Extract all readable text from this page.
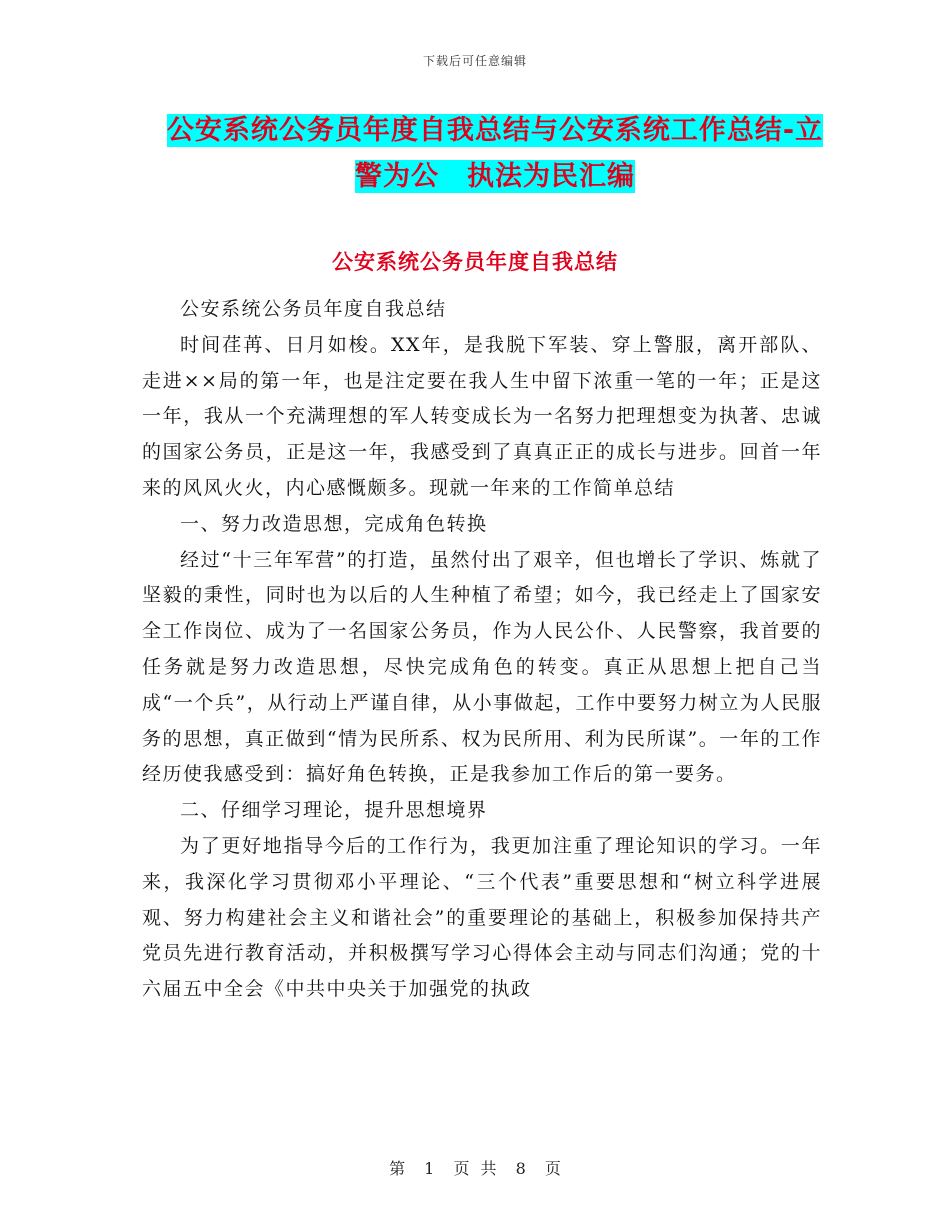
下载后可任意编辑
公安系统公务员年度自我总结与公安系统工作总结-立
警为公　执法为民汇编
公安系统公务员年度自我总结

公安系统公务员年度自我总结

时间荏苒、日月如梭。XX年，是我脱下军装、穿上警服，离开部队、走进××局的第一年，也是注定要在我人生中留下浓重一笔的一年；正是这一年，我从一个充满理想的军人转变成长为一名努力把理想变为执著、忠诚的国家公务员，正是这一年，我感受到了真真正正的成长与进步。回首一年来的风风火火，内心感慨颇多。现就一年来的工作简单总结

一、努力改造思想，完成角色转换

经过“十三年军营”的打造，虽然付出了艰辛，但也增长了学识、炼就了坚毅的秉性，同时也为以后的人生种植了希望；如今，我已经走上了国家安全工作岗位、成为了一名国家公务员，作为人民公仆、人民警察，我首要的任务就是努力改造思想，尽快完成角色的转变。真正从思想上把自己当成“一个兵”，从行动上严谨自律，从小事做起，工作中要努力树立为人民服务的思想，真正做到“情为民所系、权为民所用、利为民所谋”。一年的工作经历使我感受到：搞好角色转换，正是我参加工作后的第一要务。

二、仔细学习理论，提升思想境界

为了更好地指导今后的工作行为，我更加注重了理论知识的学习。一年来，我深化学习贯彻邓小平理论、“三个代表”重要思想和“树立科学进展观、努力构建社会主义和谐社会”的重要理论的基础上，积极参加保持共产党员先进行教育活动，并积极撰写学习心得体会主动与同志们沟通；党的十六届五中全会《中共中央关于加强党的执政

第 1 页 共 8 页
